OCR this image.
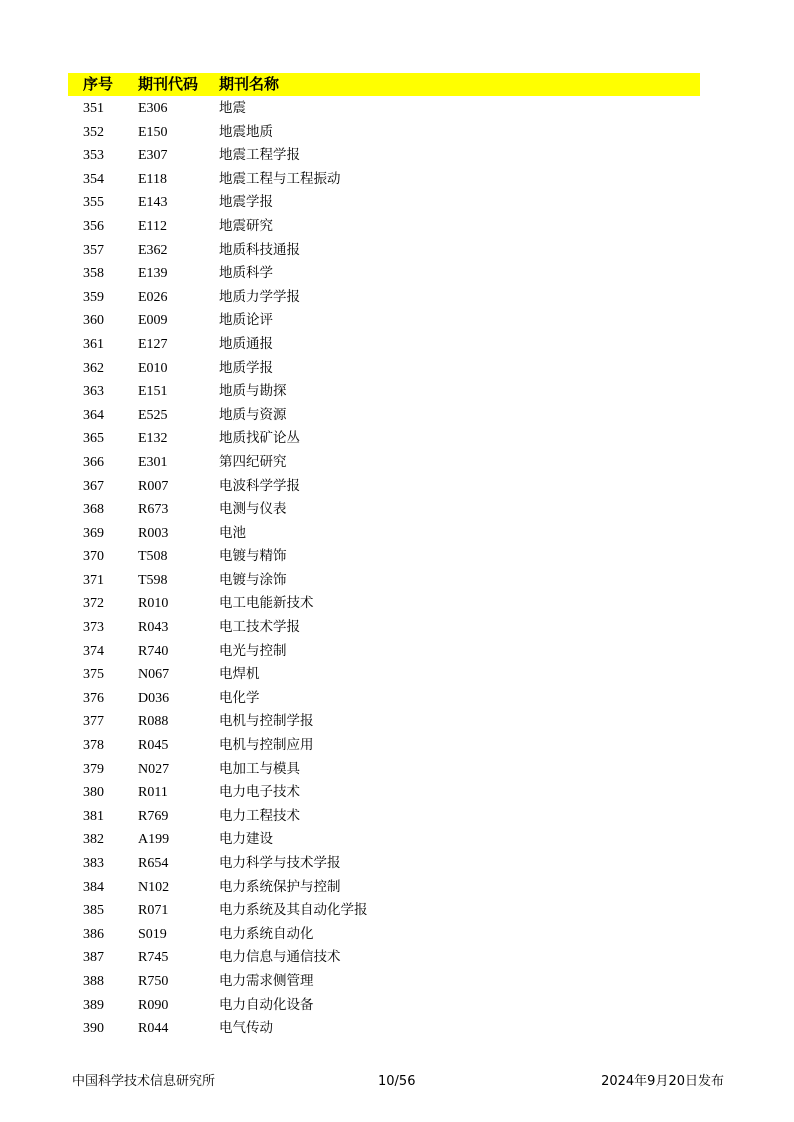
序号 期刊代码 期刊名称
351 E306	地震
352 E150	地震地质
353 E307	地震工程学报
354 E118	地震工程与工程振动
355 E143	地震学报
356 E112	地震研究
357 E362	地质科技通报
358 E139	地质科学
359 E026	地质力学学报
360 E009	地质论评
361 E127	地质通报
362 E010	地质学报
363 E151	地质与勘探
364 E525	地质与资源
365 E132	地质找矿论丛
366 E301	第四纪研究
367 R007	电波科学学报
368 R673	电测与仪表
369 R003	电池
370 T508	电镀与精饰
371 T598	电镀与涂饰
372 R010	电工电能新技术
373 R043	电工技术学报
374 R740	电光与控制
375 N067	电焊机
376 D036	电化学
377 R088	电机与控制学报
378 R045	电机与控制应用
379 N027	电加工与模具
380 R011	电力电子技术
381 R769	电力工程技术
382 A199	电力建设
383 R654	电力科学与技术学报
384 N102	电力系统保护与控制
385 R071	电力系统及其自动化学报
386 S019	电力系统自动化
387 R745	电力信息与通信技术
388 R750	电力需求侧管理
389 R090	电力自动化设备
390 R044	电气传动
中国科学技术信息研究所	10/56	2024年9月20日发布
